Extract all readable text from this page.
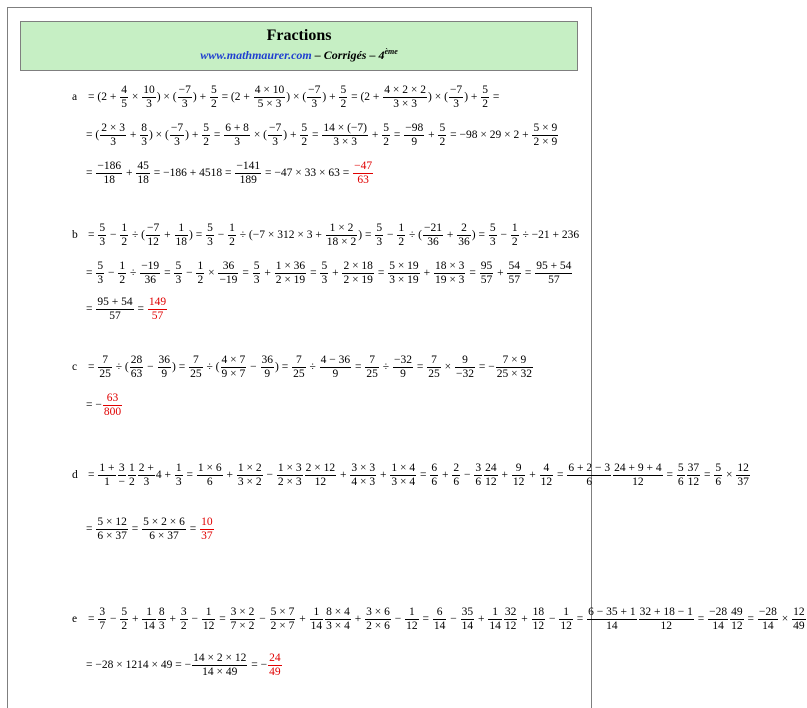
Fractions
www.mathmaurer.com – Corrigés – 4ème
$a = (2 + \frac{4}{5} \times \frac{10}{3}$ ) × ( $\frac{-7}{3}$ ) + $\frac{5}{2} = (2 + \frac{4 \times 10}{5 \times 3}$ ) × ( $\frac{-7}{3}$ ) + $\frac{5}{2} = (2 + \frac{4 \times 2 \times 2}{3 \times 3}$ ) × ( $\frac{-7}{3}$ ) + $\frac{5}{2}$ =
= ( $\frac{2 \times 3}{3} + \frac{8}{3}$ ) × ( $\frac{-7}{3}$ ) + $\frac{5}{2} = \frac{6 + 8}{3}$ × ( $\frac{-7}{3}$ ) + $\frac{5}{2} = \frac{14 \times (-7)}{3 \times 3} + \frac{5}{2} = \frac{-98}{9} + \frac{5}{2} = -98 \times 29 \times 2 + \frac{5 \times 9}{2 \times 9}$
= $\frac{-186}{18} + \frac{45}{18} = -186 + 4518 = \frac{-141}{189} = -47 \times 33 \times 63 = \frac{-47}{63}$
$b = \frac{5}{3} - \frac{1}{2}$ ÷ ( $\frac{-7}{12} + \frac{1}{18}$ ) = $\frac{5}{3} - \frac{1}{2} \div (-7 \times 312 \times 3 + \frac{1 \times 2}{18 \times 2}$ ) = $\frac{5}{3} - \frac{1}{2}$ ÷ ( $\frac{-21}{36} + \frac{2}{36}$ ) = $\frac{5}{3} - \frac{1}{2} \div -21 + 236$
= $\frac{5}{3} - \frac{1}{2} \div \frac{-19}{36} = \frac{5}{3} - \frac{1}{2} \times \frac{36}{-19} = \frac{5}{3} + \frac{1 \times 36}{2 \times 19} = \frac{5}{3} + \frac{2 \times 18}{2 \times 19} = \frac{5 \times 19}{3 \times 19} + \frac{18 \times 3}{19 \times 3} = \frac{95}{57} + \frac{54}{57} = \frac{95 + 54}{57}$
= $\frac{95 + 54}{57} = \frac{149}{57}$
$c = \frac{7}{25}$ ÷ ( $\frac{28}{63} - \frac{36}{9}$ ) = $\frac{7}{25}$ ÷ ( $\frac{4 \times 7}{9 \times 7} - \frac{36}{9}$ ) = $\frac{7}{25} \div \frac{4 - 36}{9} = \frac{7}{25} \div \frac{-32}{9} = \frac{7}{25} \times \frac{9}{-32}$ = − $\frac{7 \times 9}{25 \times 32}$
= − $\frac{63}{800}$
$d = \frac{1 +}{1} \frac{3}{-} \frac{1}{2} \frac{2 +}{3} 4 + \frac{1}{3} = \frac{1 \times 6}{6} + \frac{1 \times 2}{3 \times 2} - \frac{1 \times 3}{2 \times 3} \frac{2 \times 12}{12} + \frac{3 \times 3}{4 \times 3} + \frac{1 \times 4}{3 \times 4} = \frac{6}{6} + \frac{2}{6} - \frac{3}{6} \frac{24}{12} + \frac{9}{12} + \frac{4}{12} = \frac{6 + 2 - 3}{6} \frac{24 + 9 + 4}{12} = \frac{5}{6} \frac{37}{12} = \frac{5}{6} \times \frac{12}{37}$
= $\frac{5 \times 12}{6 \times 37} = \frac{5 \times 2 \times 6}{6 \times 37} = \frac{10}{37}$
$e = \frac{3}{7} - \frac{5}{2} + \frac{1}{14} \frac{8}{3} + \frac{3}{2} - \frac{1}{12} = \frac{3 \times 2}{7 \times 2} - \frac{5 \times 7}{2 \times 7} + \frac{1}{14} \frac{8 \times 4}{3 \times 4} + \frac{3 \times 6}{2 \times 6} - \frac{1}{12} = \frac{6}{14} - \frac{35}{14} + \frac{1}{14} \frac{32}{12} + \frac{18}{12} - \frac{1}{12} = \frac{6 - 35 + 1}{14} \frac{32 + 18 - 1}{12} = \frac{-28}{14} \frac{49}{12} = \frac{-28}{14} \times \frac{12}{49}$
= −28 × 1214 × 49 = − $\frac{14 \times 2 \times 12}{14 \times 49}$ = − $\frac{24}{49}$
